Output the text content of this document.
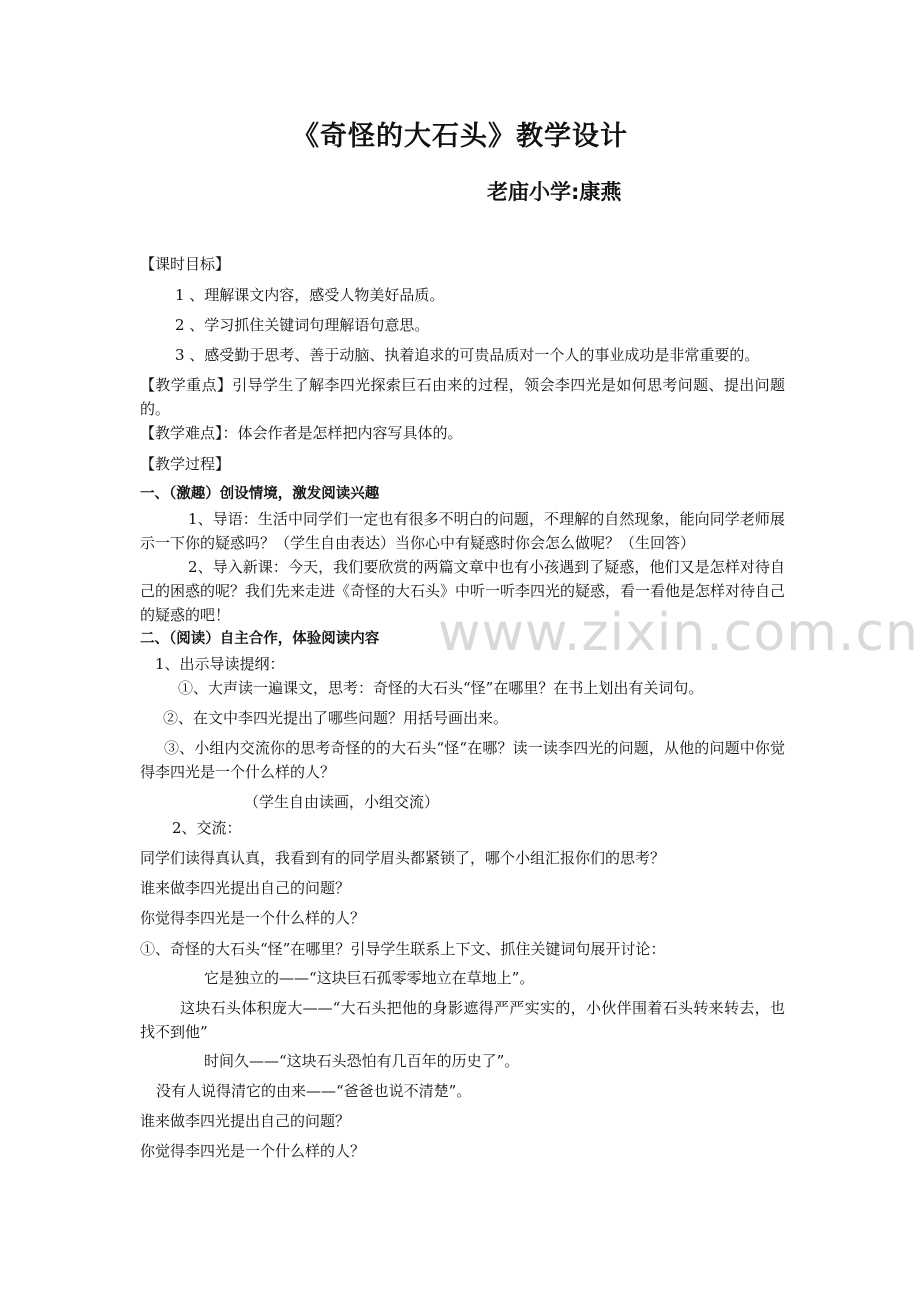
《奇怪的大石头》教学设计
老庙小学:康燕
【课时目标】
1 、理解课文内容，感受人物美好品质。
2 、学习抓住关键词句理解语句意思。
3 、感受勤于思考、善于动脑、执着追求的可贵品质对一个人的事业成功是非常重要的。
【教学重点】引导学生了解李四光探索巨石由来的过程，领会李四光是如何思考问题、提出问题的。
【教学难点】：体会作者是怎样把内容写具体的。
【教学过程】
一、（激趣）创设情境，激发阅读兴趣
1、导语：生活中同学们一定也有很多不明白的问题，不理解的自然现象，能向同学老师展示一下你的疑惑吗？（学生自由表达）当你心中有疑惑时你会怎么做呢？（生回答）
2、导入新课：今天，我们要欣赏的两篇文章中也有小孩遇到了疑惑，他们又是怎样对待自己的困惑的呢？我们先来走进《奇怪的大石头》中听一听李四光的疑惑，看一看他是怎样对待自己的疑惑的吧！	www.zixin.com.cn
二、（阅读）自主合作，体验阅读内容
1、出示导读提纲：
①、大声读一遍课文，思考：奇怪的大石头“怪”在哪里？在书上划出有关词句。
②、在文中李四光提出了哪些问题？用括号画出来。
③、小组内交流你的思考奇怪的的大石头“怪“在哪？读一读李四光的问题，从他的问题中你觉得李四光是一个什么样的人？
（学生自由读画，小组交流）
2、交流：
同学们读得真认真，我看到有的同学眉头都紧锁了，哪个小组汇报你们的思考？
谁来做李四光提出自己的问题？
你觉得李四光是一个什么样的人？
①、奇怪的大石头“怪”在哪里？引导学生联系上下文、抓住关键词句展开讨论：
它是独立的——“这块巨石孤零零地立在草地上”。
这块石头体积庞大——“大石头把他的身影遮得严严实实的，小伙伴围着石头转来转去，也找不到他”
时间久——“这块石头恐怕有几百年的历史了”。
没有人说得清它的由来——“爸爸也说不清楚”。
谁来做李四光提出自己的问题？
你觉得李四光是一个什么样的人？
